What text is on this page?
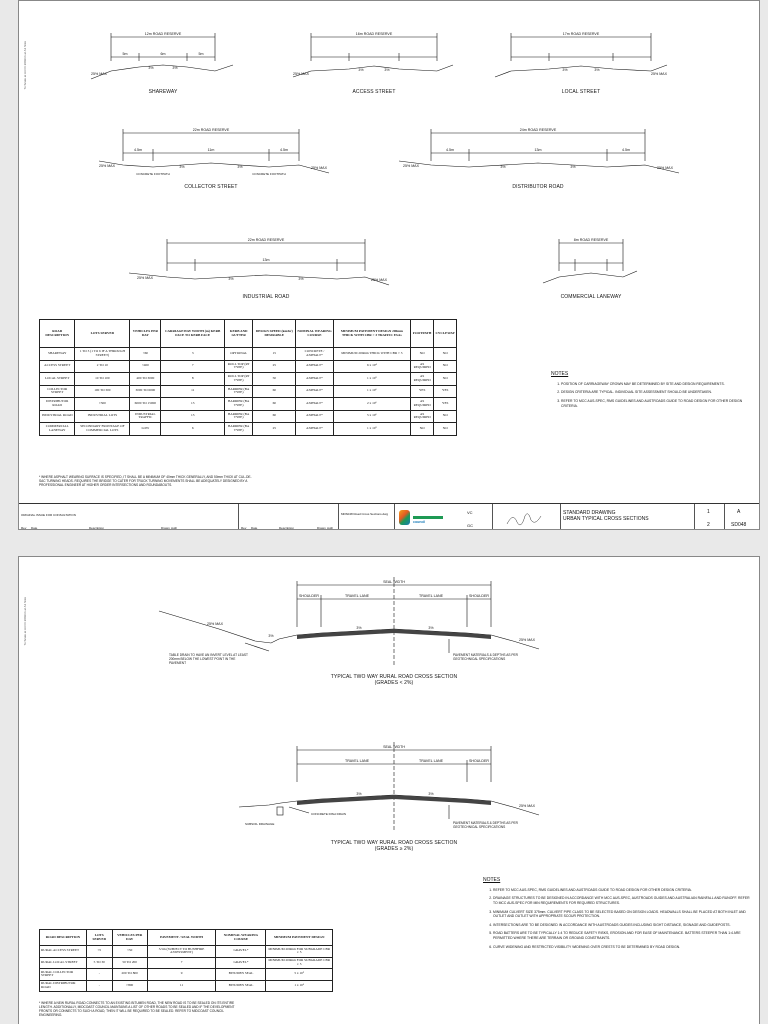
To Scale at A3 Or 200mm at A1 Size
12m ROAD RESERVE	16m ROAD RESERVE	17m ROAD RESERVE
22m ROAD RESERVE	24m ROAD RESERVE
22m ROAD RESERVE	8m ROAD RESERVE
5m	5m
6m
11m	13m
13m
4.5m	4.5m	4.5m	4.5m
3%	3%	3%	3%	3%	3%
3%	3%	3%	3%
3%	3%
25% MAX	25% MAX	25% MAX
25% MAX	25% MAX	25% MAX	25% MAX
25% MAX	25% MAX
CONCRETE FOOTPATH	CONCRETE FOOTPATH
SHAREWAY	ACCESS STREET	LOCAL STREET
COLLECTOR STREET	DISTRIBUTOR ROAD
INDUSTRIAL ROAD	COMMERCIAL LANEWAY
ROAD DESCRIPTION	LOTS SERVED	VEHICLES PER DAY	CARRIAGEWAY WIDTH (m) KERB FACE TO KERB FACE	KERB AND GUTTER	DESIGN SPEED (km/hr) DESIRABLE	NOMINAL WEARING COURSE	MINIMUM PAVEMENT DESIGN 200mm THICK WITH CBR > 3 TRAFFIC ESAs	FOOTPATH	CYCLEWAY
SHAREWAY	1 TO 3 (1 TO 6 IF A THROUGH STREET)	<60	3	OPTIONAL	15	CONCRETE / ASPHALT*	MINIMUM 200mm THICK WITH CBR > 3	NO	NO
ACCESS STREET	2 TO 10	<400	7	ROLL TOP (RT TYPE)	25	ASPHALT*	6 x 10⁴	AS REQUIRED	NO
LOCAL STREET	10 TO 100	400 TO 3000	8	ROLL TOP (RT TYPE)	50	ASPHALT*	1 x 10⁵	AS REQUIRED	NO
COLLECTOR STREET	100 TO 300	3000 TO 6000	11	BARRIER (BA TYPE)	60	ASPHALT*	1 x 10⁶	YES	YES
DISTRIBUTOR ROAD	>300	6000 TO 15000	13	BARRIER (BA TYPE)	60	ASPHALT*	2 x 10⁶	AS REQUIRED	YES
INDUSTRIAL ROAD	INDUSTRIAL LOTS	INDUSTRIAL TRAFFIC	13	BARRIER (BA TYPE)	60	ASPHALT*	5 x 10⁶	AS REQUIRED	NO
COMMERCIAL LANEWAY	SECONDARY FRONTAGE OF COMMERCIAL LOTS	LOW	6	BARRIER (BA TYPE)	25	ASPHALT*	1 x 10⁵	NO	NO
* WHERE ASPHALT WEARING SURFACE IS SPECIFIED, IT SHALL BE A MINIMUM OF 40mm THICK GENERALLY, AND 50mm THICK AT CUL-DE-SAC TURNING HEADS. REQUIRES THE BRIDGE TO CATER FOR TRUCK TURNING MOVEMENTS SHALL BE ADEQUATELY DESIGNED BY A PROFESSIONAL ENGINEER AT HIGHER ORDER INTERSECTIONS AND ROUNDABOUTS.
NOTES
1. POSITION OF CARRIAGEWAY CROWN MAY BE DETERMINED BY SITE AND DESIGN REQUIREMENTS.
2. DESIGN CRITERIA ARE TYPICAL. INDIVIDUAL SITE ASSESSMENT SHOULD BE UNDERTAKEN.
3. REFER TO MCC AUS-SPEC, RMS GUIDELINES AND AUSTROADS GUIDE TO ROAD DESIGN FOR OTHER DESIGN CRITERIA.
ORIGINAL ISSUE FOR CONSULTATION
Rev Date	Description	Drawn Auth	Rev Date	Description	Drawn Auth
MDS048 Road Cross Sections.dwg
council
VC
GC
STANDARD DRAWING
URBAN TYPICAL CROSS SECTIONS
1
2
A
SD048
To Scale at A3 Or 200mm at A1 Size
SEAL WIDTH
SHOULDER	TRAVEL LANE	TRAVEL LANE	SHOULDER
3%	3%
3%
25% MAX
25% MAX
SEAL WIDTH
TRAVEL LANE	TRAVEL LANE	SHOULDER
3%	3%
25% MAX
CONCRETE DISH DRAIN
SUBSOIL DRAINAGE
TABLE DRAIN TO HAVE AN INVERT LEVEL AT LEAST 200mm BELOW THE LOWEST POINT IN THE PAVEMENT
PAVEMENT MATERIALS & DEPTHS AS PER GEOTECHNICAL SPECIFICATIONS
PAVEMENT MATERIALS & DEPTHS AS PER GEOTECHNICAL SPECIFICATIONS
TYPICAL TWO WAY RURAL ROAD CROSS SECTION
(GRADES < 2%)
TYPICAL TWO WAY RURAL ROAD CROSS SECTION
(GRADES ≥ 2%)
ROAD DESCRIPTION	LOTS SERVED	VEHICLES PER DAY	PAVEMENT / SEAL WIDTH	NOMINAL WEARING COURSE	MINIMUM PAVEMENT DESIGN
RURAL ACCESS STREET	<5	<50	3.5m (SUBJECT TO BUSHFIRE ASSESSMENT)	GRAVEL*	MINIMUM 200mm FOR SUBGRADE CBR ≥ 5
RURAL LOCAL STREET	5 TO 30	50 TO 200	7	GRAVEL*	MINIMUM 200mm FOR SUBGRADE CBR ≥ 5
RURAL COLLECTOR STREET	-	200 TO 800	9	BITUMEN SEAL	5 x 10⁵
RURAL DISTRIBUTOR ROAD	-	>800	11	BITUMEN SEAL	1 x 10⁶
* WHERE A NEW RURAL ROAD CONNECTS TO AN EXISTING BITUMEN ROAD, THE NEW ROAD IS TO BE SEALED ON ITS ENTIRE LENGTH. ADDITIONALLY, MIDCOAST COUNCIL MAINTAINS A LIST OF OTHER ROADS TO BE SEALED AND IF THE DEVELOPMENT FRONTS OR CONNECTS TO SUCH A ROAD, THEN IT WILL BE REQUIRED TO BE SEALED. REFER TO MIDCOAST COUNCIL ENGINEERING.
NOTES
1. REFER TO MCC AUS-SPEC, RMS GUIDELINES AND AUSTROADS GUIDE TO ROAD DESIGN FOR OTHER DESIGN CRITERIA.
2. DRAINAGE STRUCTURES TO BE DESIGNED IN ACCORDANCE WITH MCC AUS-SPEC, AUSTROADS GUIDES AND AUSTRALIAN RAINFALL AND RUNOFF. REFER TO MCC AUS-SPEC FOR MIN REQUIREMENTS FOR REQUIRED STRUCTURES.
3. MINIMUM CULVERT SIZE 375mm. CULVERT PIPE CLASS TO BE SELECTED BASED ON DESIGN LOADS. HEADWALLS SHALL BE PLACED AT BOTH INLET AND OUTLET AND OUTLET WITH APPROPRIATE SCOUR PROTECTION.
4. INTERSECTIONS ARE TO BE DESIGNED IN ACCORDANCE WITH AUSTROADS GUIDES INCLUDING SIGHT DISTANCE, SIGNAGE AND GUIDEPOSTS.
5. ROAD BATTERS ARE TO BE TYPICALLY 1:4 TO REDUCE SAFETY RISKS, EROSION AND FOR EASE OF MAINTENANCE. BATTERS STEEPER THAN 1:4 ARE PERMITTED WHERE THERE ARE TERRAIN OR GROUND CONSTRAINTS.
6. CURVE WIDENING AND RESTRICTED VISIBILITY WIDENING OVER CRESTS TO BE DETERMINED BY ROAD DESIGN.
